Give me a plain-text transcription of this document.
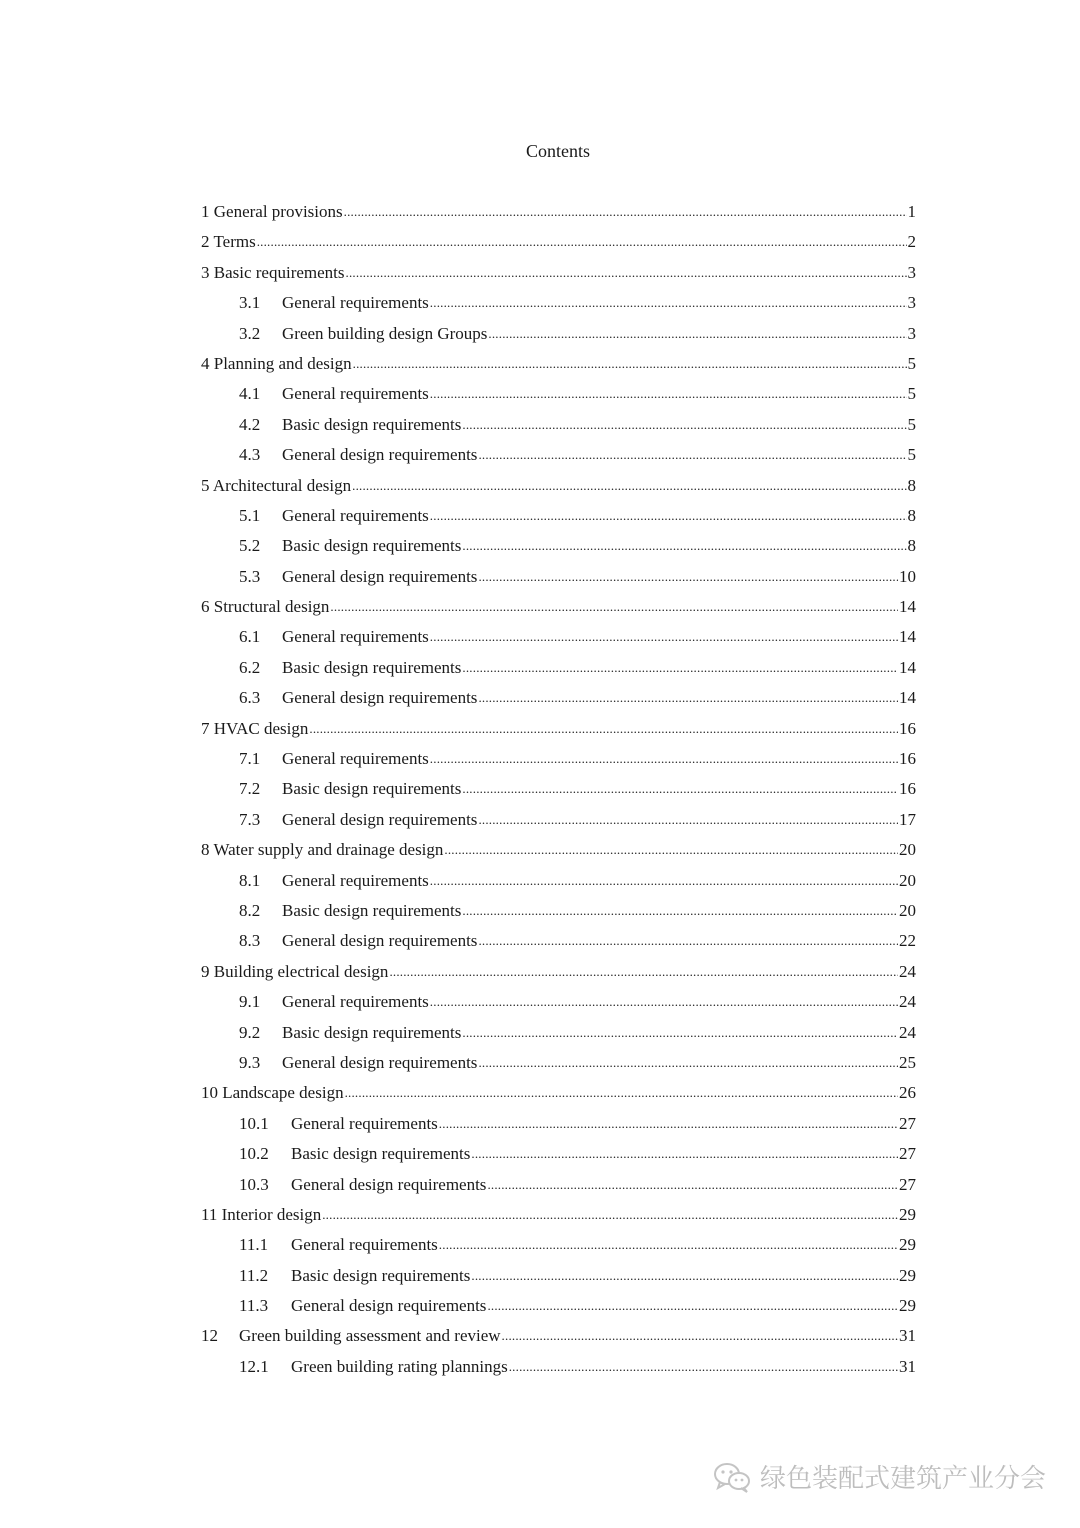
Contents
1 General provisions .....	1
2 Terms .....	2
3 Basic requirements .....	3
3.1 General requirements .....	3
3.2 Green building design Groups .....	3
4 Planning and design .....	5
4.1 General requirements .....	5
4.2 Basic design requirements .....	5
4.3 General design requirements .....	5
5 Architectural design .....	8
5.1 General requirements .....	8
5.2 Basic design requirements .....	8
5.3 General design requirements .....	10
6 Structural design .....	14
6.1 General requirements .....	14
6.2 Basic design requirements .....	14
6.3 General design requirements .....	14
7 HVAC design .....	16
7.1 General requirements .....	16
7.2 Basic design requirements .....	16
7.3 General design requirements .....	17
8 Water supply and drainage design .....	20
8.1 General requirements .....	20
8.2 Basic design requirements .....	20
8.3 General design requirements .....	22
9 Building electrical design .....	24
9.1 General requirements .....	24
9.2 Basic design requirements .....	24
9.3 General design requirements .....	25
10 Landscape design .....	26
10.1 General requirements .....	27
10.2 Basic design requirements .....	27
10.3 General design requirements .....	27
11 Interior design .....	29
11.1 General requirements .....	29
11.2 Basic design requirements .....	29
11.3 General design requirements .....	29
12 Green building assessment and review .....	31
12.1 Green building rating plannings .....	31
绿色装配式建筑产业分会
